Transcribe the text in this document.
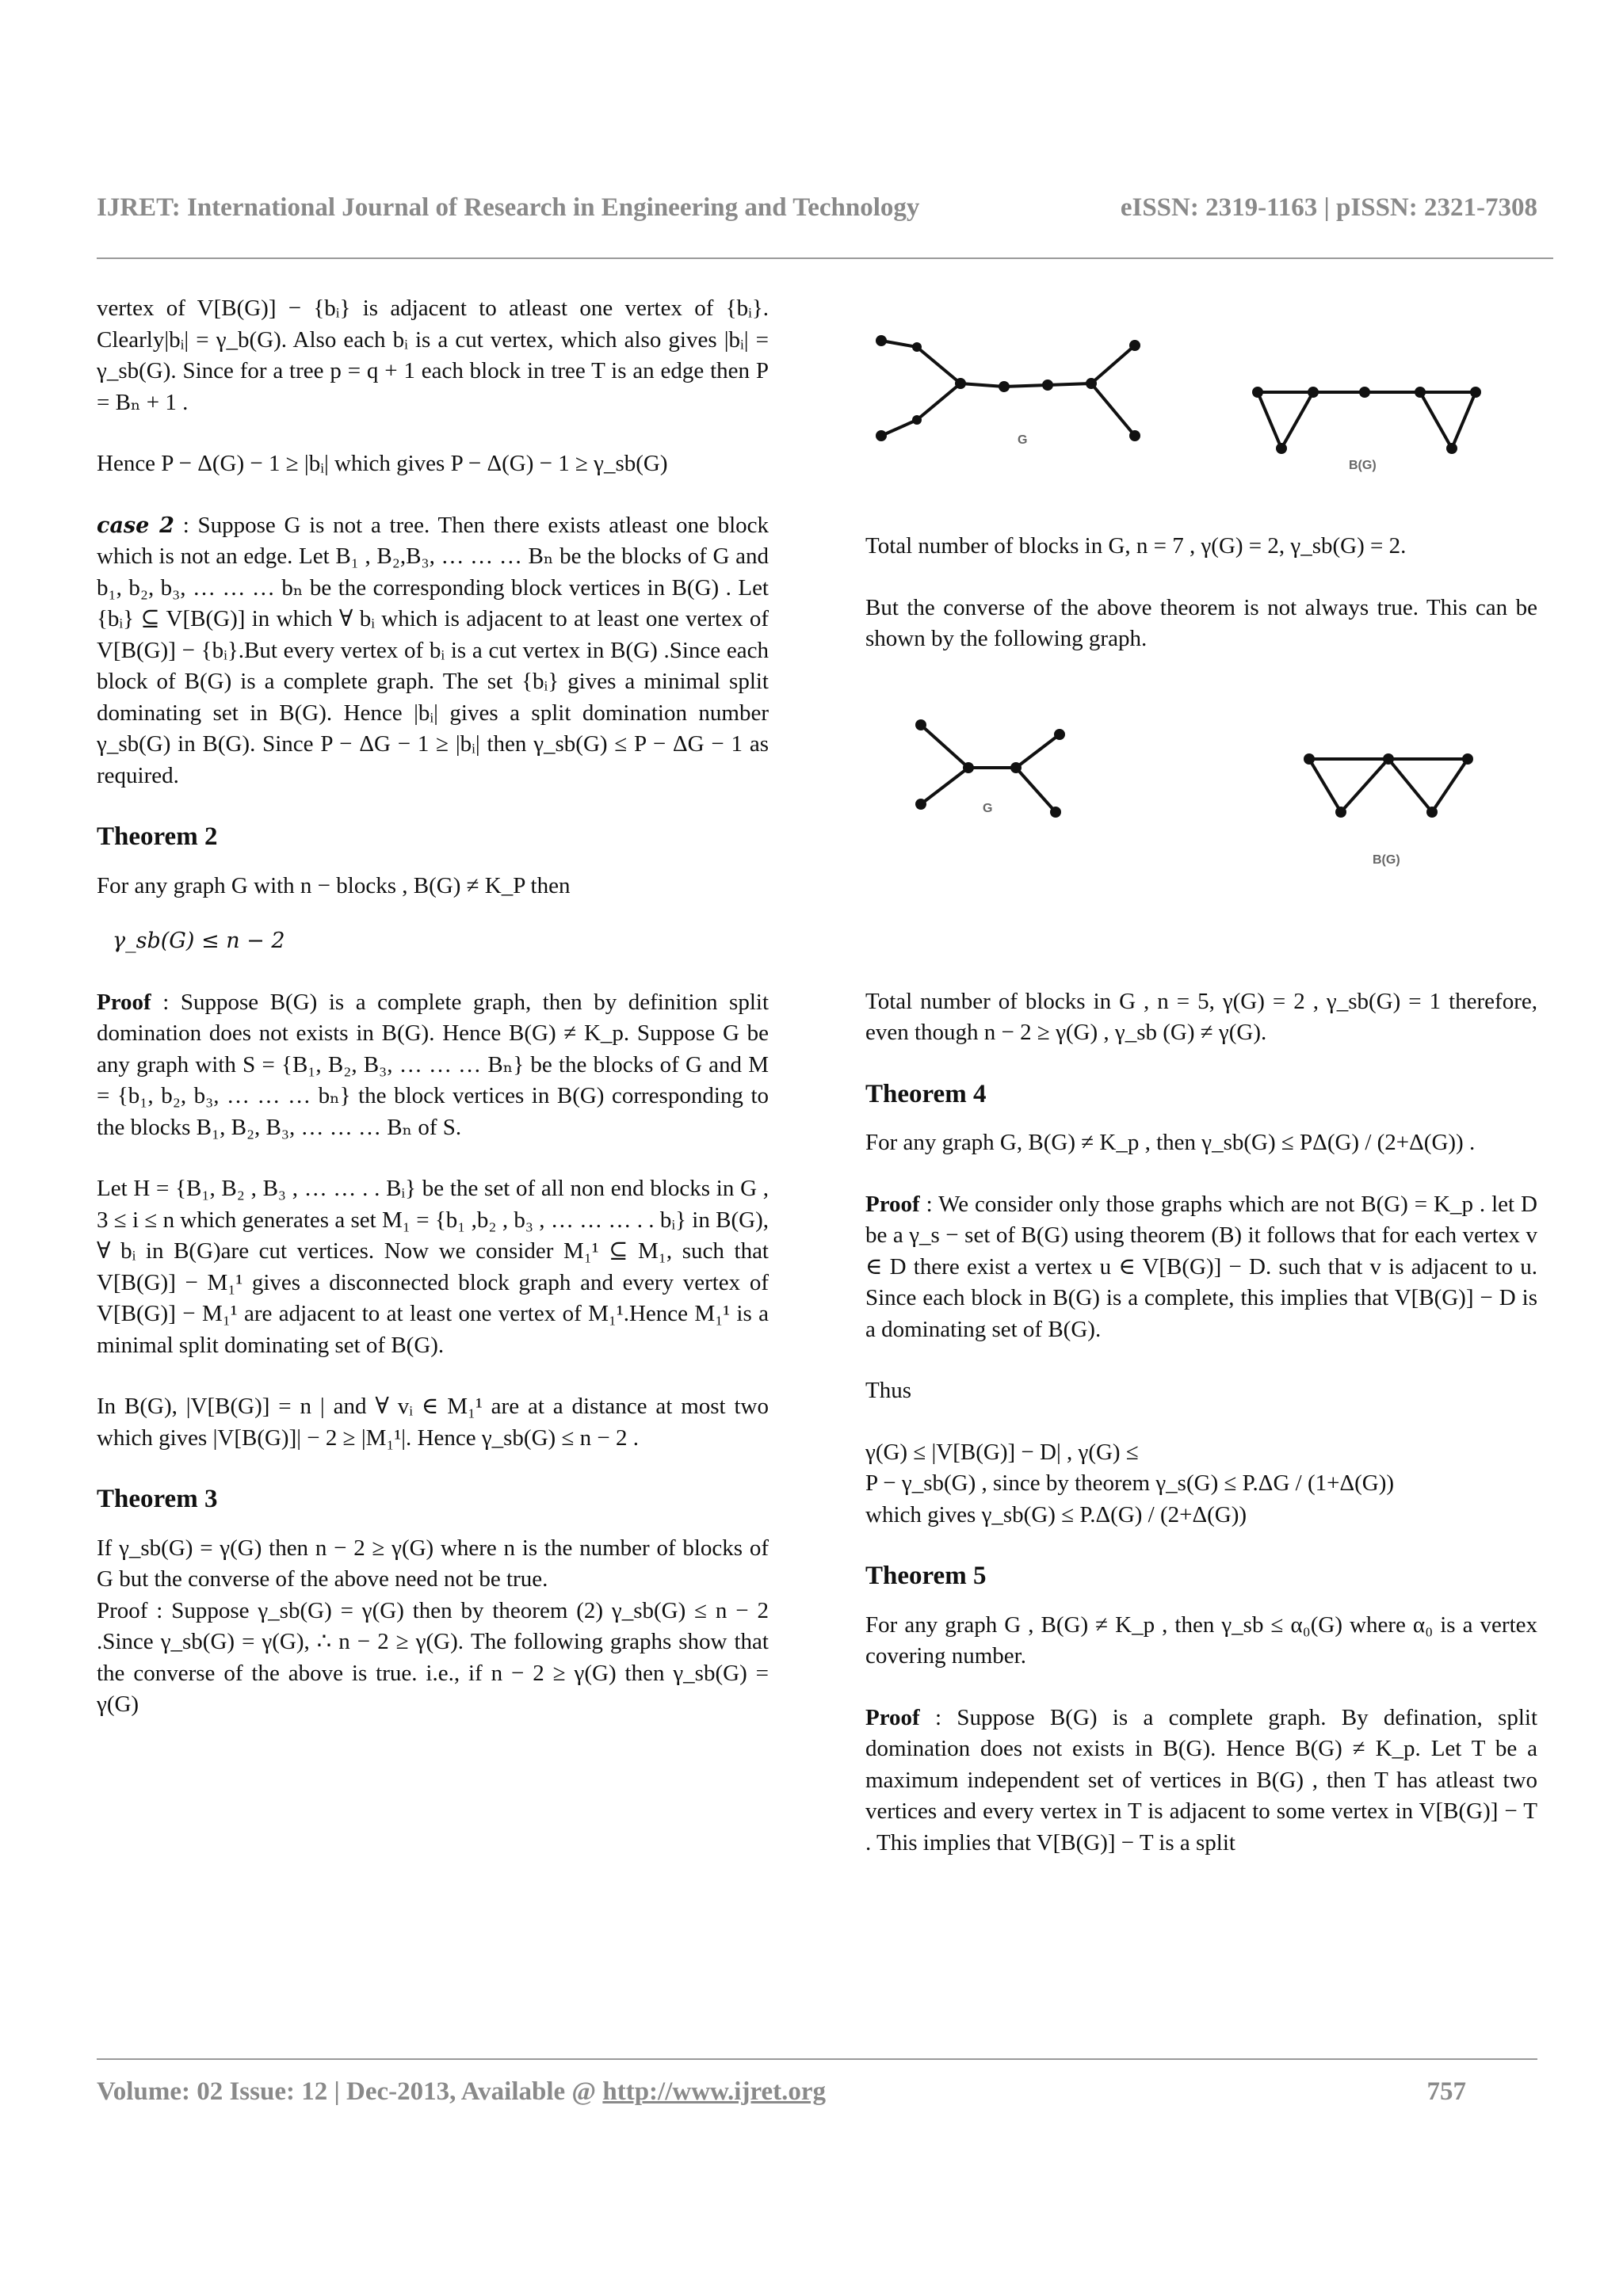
IJRET: International Journal of Research in Engineering and Technology	eISSN: 2319-1163 | pISSN: 2321-7308

vertex of V[B(G)] − {bᵢ} is adjacent to atleast one vertex of {bᵢ}. Clearly|bᵢ| = γ_b(G). Also each bᵢ is a cut vertex, which also gives |bᵢ| = γ_sb(G). Since for a tree p = q + 1 each block in tree T is an edge then P = Bₙ + 1 .

Hence P − Δ(G) − 1 ≥ |bᵢ| which gives P − Δ(G) − 1 ≥ γ_sb(G)

case 2 : Suppose G is not a tree. Then there exists atleast one block which is not an edge. Let B₁ , B₂,B₃, … … … Bₙ be the blocks of G and b₁, b₂, b₃, … … … bₙ be the corresponding block vertices in B(G) . Let {bᵢ} ⊆ V[B(G)] in which ∀ bᵢ which is adjacent to at least one vertex of V[B(G)] − {bᵢ}.But every vertex of bᵢ is a cut vertex in B(G) .Since each block of B(G) is a complete graph. The set {bᵢ} gives a minimal split dominating set in B(G). Hence |bᵢ| gives a split domination number γ_sb(G) in B(G). Since P − ΔG − 1 ≥ |bᵢ| then γ_sb(G) ≤ P − ΔG − 1 as required.

Theorem 2

For any graph G with n − blocks , B(G) ≠ K_P then

γ_sb(G) ≤ n − 2

Proof : Suppose B(G) is a complete graph, then by definition split domination does not exists in B(G). Hence B(G) ≠ K_p. Suppose G be any graph with S = {B₁, B₂, B₃, … … … Bₙ} be the blocks of G and M = {b₁, b₂, b₃, … … … bₙ} the block vertices in B(G) corresponding to the blocks B₁, B₂, B₃, … … … Bₙ of S.

Let H = {B₁, B₂ , B₃ , … … . . Bᵢ} be the set of all non end blocks in G , 3 ≤ i ≤ n which generates a set M₁ = {b₁ ,b₂ , b₃ , … … … . . bᵢ} in B(G), ∀ bᵢ in B(G)are cut vertices. Now we consider M₁¹ ⊆ M₁, such that V[B(G)] − M₁¹ gives a disconnected block graph and every vertex of V[B(G)] − M₁¹ are adjacent to at least one vertex of M₁¹.Hence M₁¹ is a minimal split dominating set of B(G).

In B(G), |V[B(G)] = n | and ∀ vᵢ ∈ M₁¹ are at a distance at most two which gives |V[B(G)]| − 2 ≥ |M₁¹|. Hence γ_sb(G) ≤ n − 2 .

Theorem 3

If γ_sb(G) = γ(G) then n − 2 ≥ γ(G) where n is the number of blocks of G but the converse of the above need not be true.

Proof : Suppose γ_sb(G) = γ(G) then by theorem (2) γ_sb(G) ≤ n − 2 .Since γ_sb(G) = γ(G), ∴ n − 2 ≥ γ(G). The following graphs show that the converse of the above is true. i.e., if n − 2 ≥ γ(G) then γ_sb(G) = γ(G)

G
B(G)

Total number of blocks in G, n = 7 , γ(G) = 2, γ_sb(G) = 2.

But the converse of the above theorem is not always true. This can be shown by the following graph.

G
B(G)

Total number of blocks in G , n = 5, γ(G) = 2 , γ_sb(G) = 1 therefore, even though n − 2 ≥ γ(G) , γ_sb (G) ≠ γ(G).

Theorem 4

For any graph G, B(G) ≠ K_p , then γ_sb(G) ≤ PΔ(G) / (2+Δ(G)) .

Proof : We consider only those graphs which are not B(G) = K_p . let D be a γ_s − set of B(G) using theorem (B) it follows that for each vertex v ∈ D there exist a vertex u ∈ V[B(G)] − D. such that v is adjacent to u. Since each block in B(G) is a complete, this implies that V[B(G)] − D is a dominating set of B(G).

Thus

γ(G) ≤ |V[B(G)] − D| , γ(G) ≤
P − γ_sb(G) , since by theorem γ_s(G) ≤ P.ΔG / (1+Δ(G))

which gives γ_sb(G) ≤ P.Δ(G) / (2+Δ(G))

Theorem 5

For any graph G , B(G) ≠ K_p , then γ_sb ≤ α₀(G) where α₀ is a vertex covering number.

Proof : Suppose B(G) is a complete graph. By defination, split domination does not exists in B(G). Hence B(G) ≠ K_p. Let T be a maximum independent set of vertices in B(G) , then T has atleast two vertices and every vertex in T is adjacent to some vertex in V[B(G)] − T . This implies that V[B(G)] − T is a split

Volume: 02 Issue: 12 | Dec-2013, Available @ http://www.ijret.org	757
